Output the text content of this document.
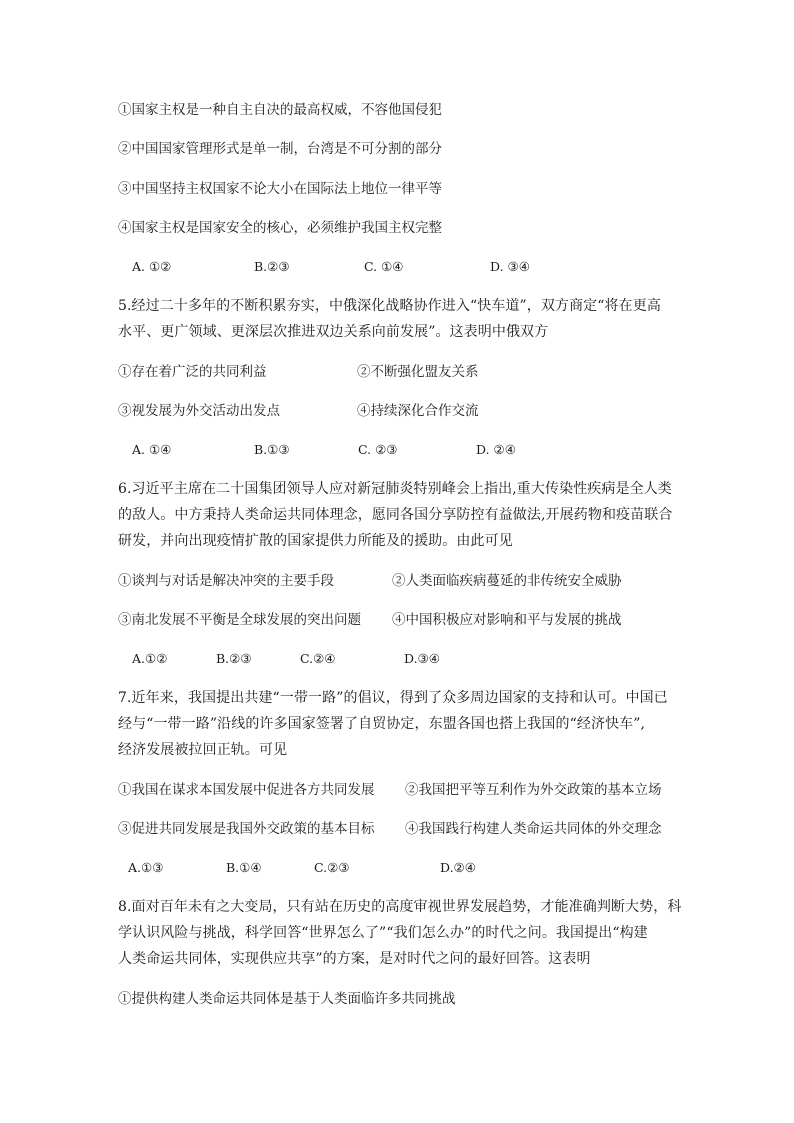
①国家主权是一种自主自决的最高权威，不容他国侵犯
②中国国家管理形式是单一制，台湾是不可分割的部分
③中国坚持主权国家不论大小在国际法上地位一律平等
④国家主权是国家安全的核心，必须维护我国主权完整
A. ①②	B.②③	C. ①④	D. ③④
5.经过二十多年的不断积累夯实，中俄深化战略协作进入“快车道”，双方商定“将在更高
水平、更广领域、更深层次推进双边关系向前发展”。这表明中俄双方
①存在着广泛的共同利益	②不断强化盟友关系
③视发展为外交活动出发点	④持续深化合作交流
A. ①④	B.①③	C. ②③	D. ②④
6.习近平主席在二十国集团领导人应对新冠肺炎特别峰会上指出,重大传染性疾病是全人类
的敌人。中方秉持人类命运共同体理念，愿同各国分享防控有益做法,开展药物和疫苗联合
研发，并向出现疫情扩散的国家提供力所能及的援助。由此可见
①谈判与对话是解决冲突的主要手段	②人类面临疾病蔓延的非传统安全威胁
③南北发展不平衡是全球发展的突出问题 ④中国积极应对影响和平与发展的挑战
A.①②	B.②③	C.②④	D.③④
7.近年来，我国提出共建“一带一路”的倡议，得到了众多周边国家的支持和认可。中国已
经与“一带一路”沿线的许多国家签署了自贸协定，东盟各国也搭上我国的“经济快车”,
经济发展被拉回正轨。可见
①我国在谋求本国发展中促进各方共同发展 ②我国把平等互利作为外交政策的基本立场
③促进共同发展是我国外交政策的基本目标 ④我国践行构建人类命运共同体的外交理念
A.①③	B.①④	C.②③	D.②④
8.面对百年未有之大变局，只有站在历史的高度审视世界发展趋势，才能准确判断大势，科
学认识风险与挑战，科学回答“世界怎么了”“我们怎么办”的时代之问。我国提出“构建
人类命运共同体，实现供应共享”的方案，是对时代之问的最好回答。这表明
①提供构建人类命运共同体是基于人类面临许多共同挑战
